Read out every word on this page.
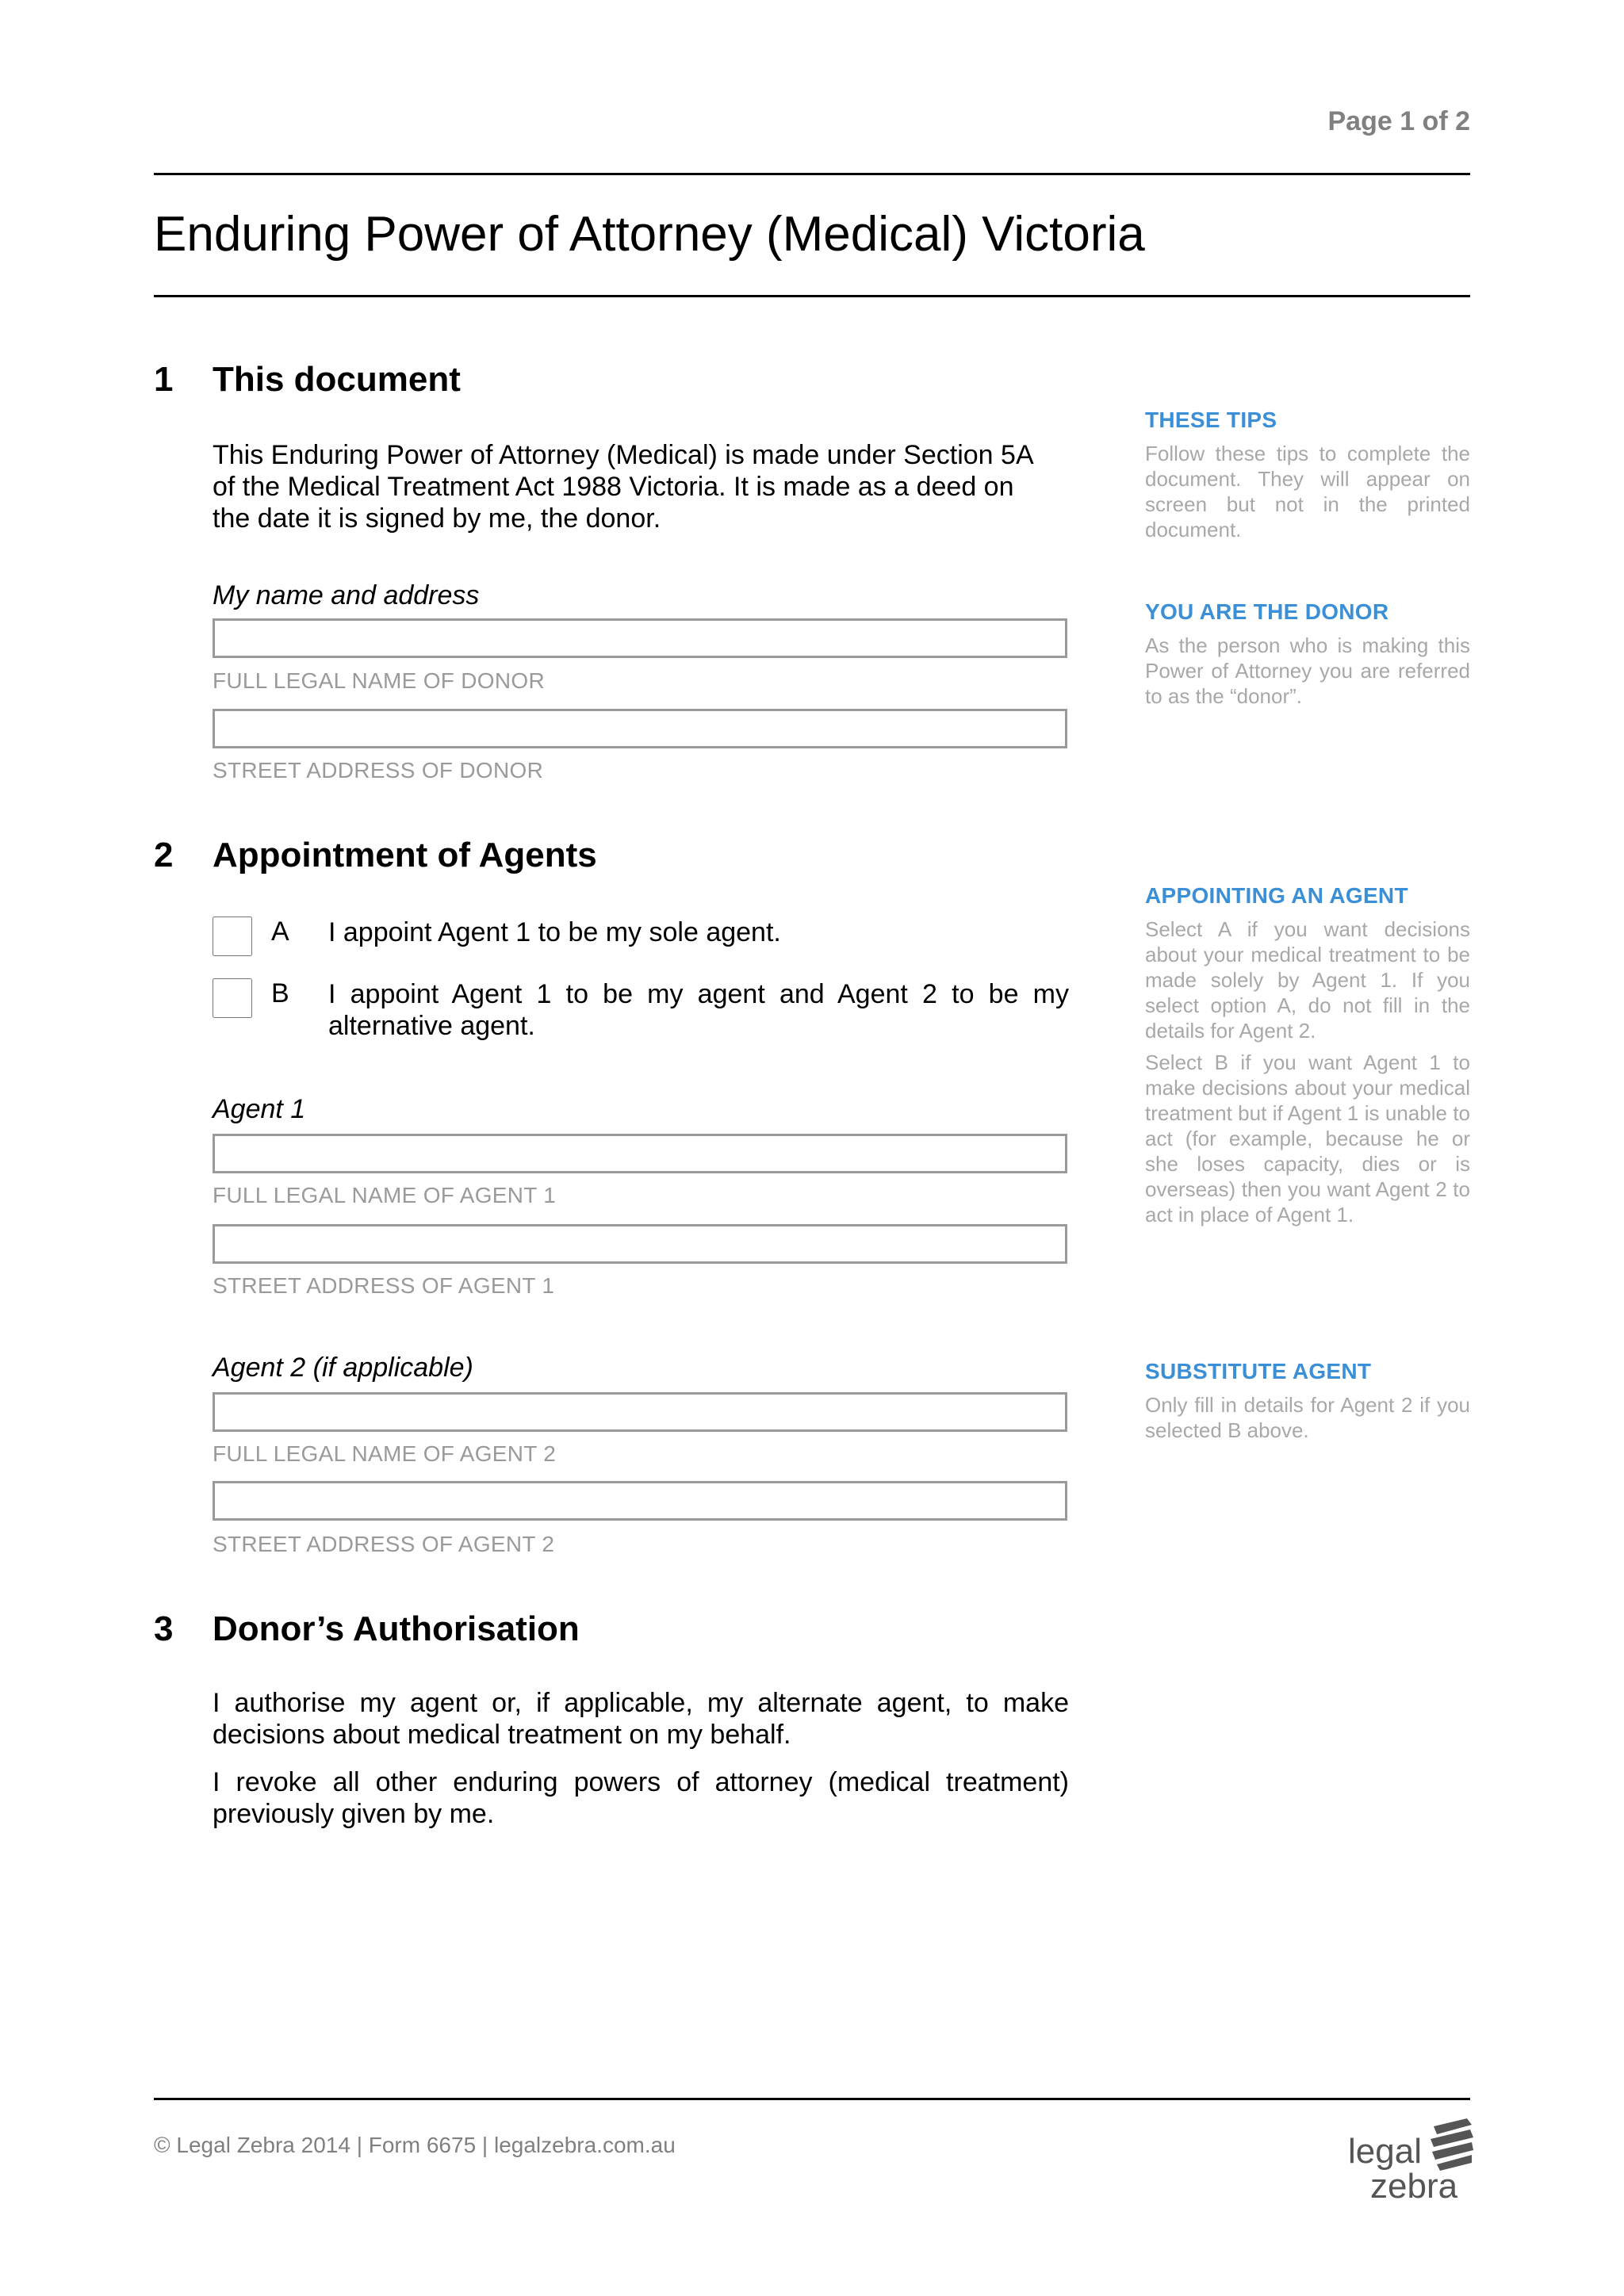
Page 1 of 2
Enduring Power of Attorney (Medical) Victoria
1 This document
This Enduring Power of Attorney (Medical) is made under Section 5A
of the Medical Treatment Act 1988 Victoria. It is made as a deed on
the date it is signed by me, the donor.
My name and address
FULL LEGAL NAME OF DONOR
STREET ADDRESS OF DONOR
2 Appointment of Agents
A I appoint Agent 1 to be my sole agent.
B I appoint Agent 1 to be my agent and Agent 2 to be my alternative agent.
Agent 1
FULL LEGAL NAME OF AGENT 1
STREET ADDRESS OF AGENT 1
Agent 2 (if applicable)
FULL LEGAL NAME OF AGENT 2
STREET ADDRESS OF AGENT 2
3 Donor’s Authorisation

I authorise my agent or, if applicable, my alternate agent, to make decisions about medical treatment on my behalf.

I revoke all other enduring powers of attorney (medical treatment) previously given by me.

THESE TIPS

Follow these tips to complete the document. They will appear on screen but not in the printed document.

YOU ARE THE DONOR

As the person who is making this Power of Attorney you are referred to as the “donor”.

APPOINTING AN AGENT

Select A if you want decisions about your medical treatment to be made solely by Agent 1. If you select option A, do not fill in the details for Agent 2.

Select B if you want Agent 1 to make decisions about your medical treatment but if Agent 1 is unable to act (for example, because he or she loses capacity, dies or is overseas) then you want Agent 2 to act in place of Agent 1.

SUBSTITUTE AGENT

Only fill in details for Agent 2 if you selected B above.

© Legal Zebra 2014 | Form 6675 | legalzebra.com.au	legal
zebra
